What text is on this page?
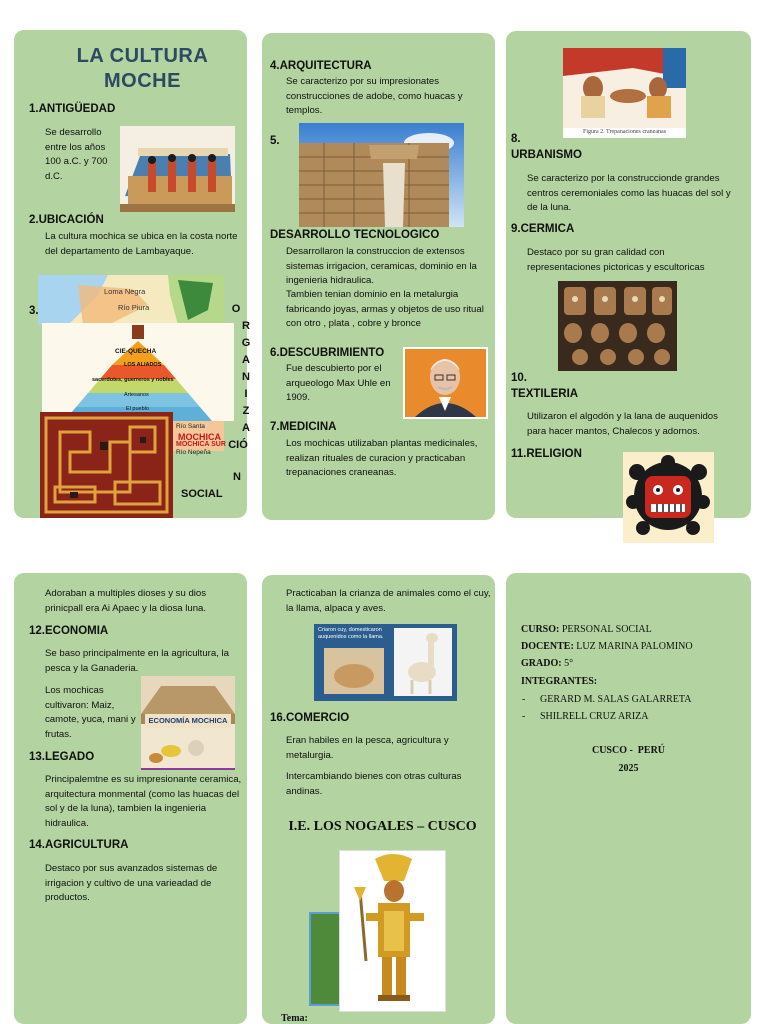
LA CULTURA
MOCHE
1.ANTIGÜEDAD
Se desarrollo entre los años 100 a.C. y 700 d.C.
2.UBICACIÓN
La cultura mochica se ubica en la costa norte del departamento de Lambayaque.
Loma Negra
Río Piura
3.
CIE-QUECHA
LOS ALIADOS
sacerdotes, guerreros y nobles
Artesanos
El pueblo
Río Santa
MOCHICA
MOCHICA SUR
Río Nepeña
O
R
G
A
N
I
Z
A
CIÓ
N
SOCIAL
4.ARQUITECTURA
Se caracterizo por su impresionates construcciones de adobe, como huacas y templos.
5.
DESARROLLO TECNOLOGICO
Desarrollaron la construccion de extensos sistemas irrigacion, ceramicas, dominio en la ingenieria hidraulica.
Tambien tenian dominio en la metalurgia fabricando joyas, armas y objetos de uso ritual con otro , plata , cobre y bronce
6.DESCUBRIMIENTO
Fue descubierto por el arqueologo Max Uhle en 1909.
7.MEDICINA
Los mochicas utilizaban plantas medicinales, realizan rituales de curacion y practicaban trepanaciones craneanas.
Figura 2. Trepanaciones craneanas
8.
URBANISMO
Se caracterizo por la construccionde grandes centros ceremoniales como las huacas del sol y de la luna.
9.CERMICA
Destaco por su gran calidad con representaciones pictoricas y escultoricas
10.
TEXTILERIA
Utilizaron el algodón y la lana de auquenidos para hacer mantos, Chalecos y adornos.
11.RELIGION
Adoraban a multiples dioses y su dios prinicpall era Ai Apaec y la diosa luna.
12.ECONOMIA
Se baso principalmente en la agricultura, la pesca y la Ganaderia.
Los mochicas cultivaron: Maiz, camote, yuca, mani y frutas.
ECONOMÍA MOCHICA
13.LEGADO
Principalemtne es su impresionante ceramica, arquitectura monmental (como las huacas del sol y de la luna), tambien la ingenieria hidraulica.
14.AGRICULTURA
Destaco por sus avanzados sistemas de irrigacion y cultivo de una varieadad de productos.
Practicaban la crianza de animales como el cuy, la llama, alpaca y aves.
Criaron cuy, domesticaron auquenidos como la llama.
16.COMERCIO
Eran habiles en la pesca, agricultura y metalurgia.
Intercambiando bienes con otras culturas andinas.
I.E. LOS NOGALES – CUSCO
Tema:
CURSO: PERSONAL SOCIAL
DOCENTE: LUZ MARINA PALOMINO
GRADO: 5°
INTEGRANTES:
- GERARD M. SALAS GALARRETA
- SHILRELL CRUZ ARIZA
CUSCO -  PERÚ
2025
